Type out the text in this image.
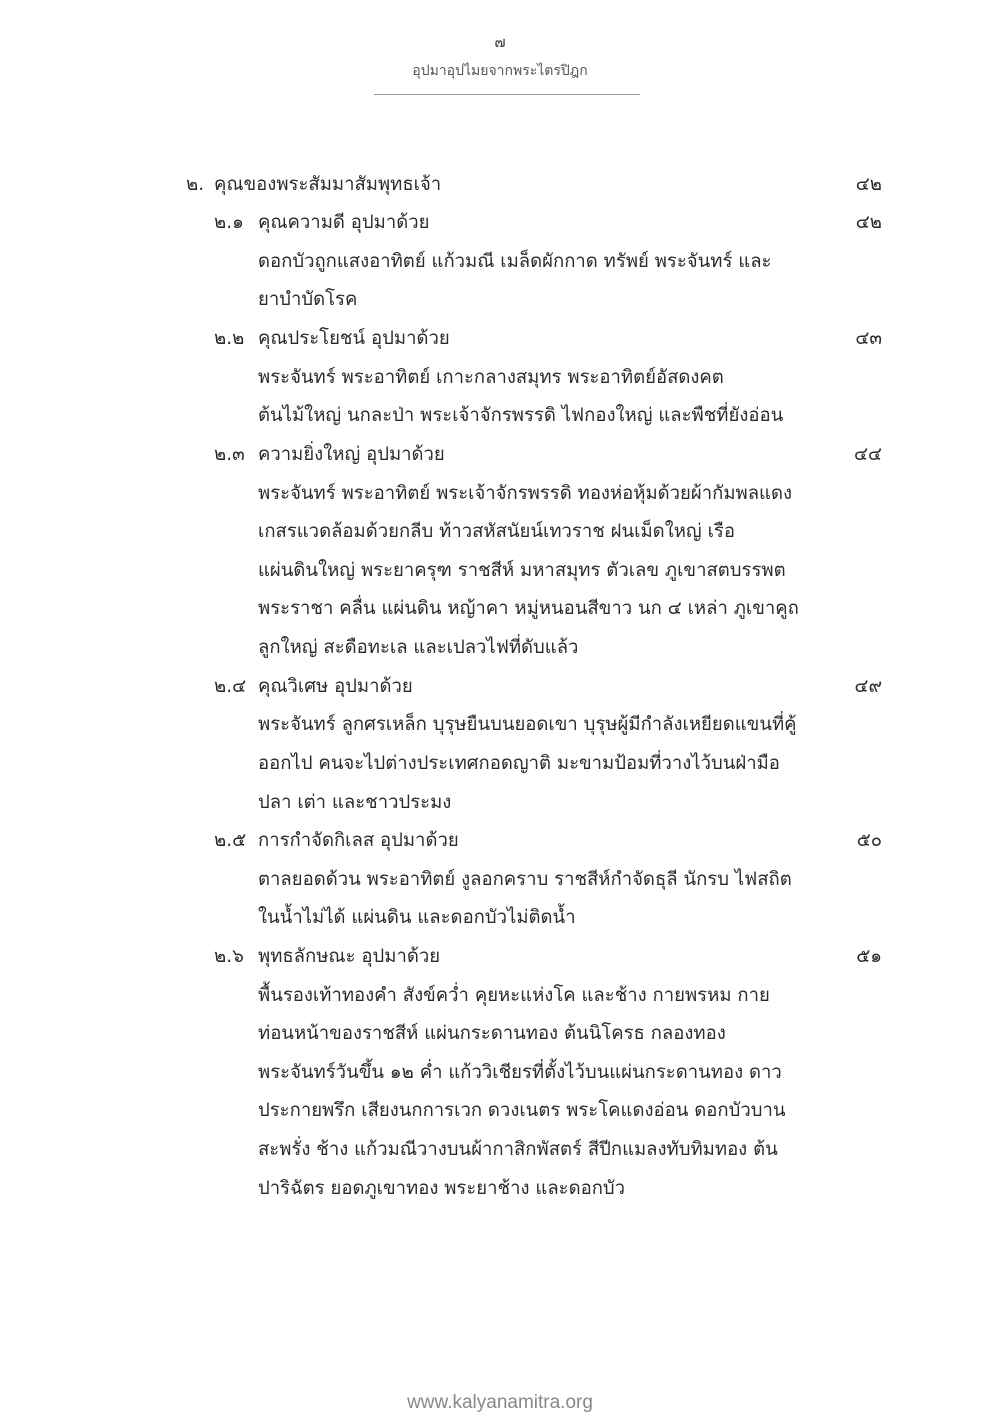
๗
อุปมาอุปไมยจากพระไตรปิฎก
๒. คุณของพระสัมมาสัมพุทธเจ้า	๔๒
๒.๑ คุณความดี อุปมาด้วย	๔๒
ดอกบัวถูกแสงอาทิตย์ แก้วมณี เมล็ดผักกาด ทรัพย์ พระจันทร์ และ
ยาบำบัดโรค
๒.๒ คุณประโยชน์ อุปมาด้วย	๔๓
พระจันทร์ พระอาทิตย์ เกาะกลางสมุทร พระอาทิตย์อัสดงคต
ต้นไม้ใหญ่ นกละป่า พระเจ้าจักรพรรดิ ไฟกองใหญ่ และพืชที่ยังอ่อน
๒.๓ ความยิ่งใหญ่ อุปมาด้วย	๔๔
พระจันทร์ พระอาทิตย์ พระเจ้าจักรพรรดิ ทองห่อหุ้มด้วยผ้ากัมพลแดง
เกสรแวดล้อมด้วยกลีบ ท้าวสหัสนัยน์เทวราช ฝนเม็ดใหญ่ เรือ
แผ่นดินใหญ่ พระยาครุฑ ราชสีห์ มหาสมุทร ตัวเลข ภูเขาสตบรรพต
พระราชา คลื่น แผ่นดิน หญ้าคา หมู่หนอนสีขาว นก ๔ เหล่า ภูเขาคูถ
ลูกใหญ่ สะดือทะเล และเปลวไฟที่ดับแล้ว
๒.๔ คุณวิเศษ อุปมาด้วย	๔๙
พระจันทร์ ลูกศรเหล็ก บุรุษยืนบนยอดเขา บุรุษผู้มีกำลังเหยียดแขนที่คู้
ออกไป คนจะไปต่างประเทศกอดญาติ มะขามป้อมที่วางไว้บนฝ่ามือ
ปลา เต่า และชาวประมง
๒.๕ การกำจัดกิเลส อุปมาด้วย	๕๐
ตาลยอดด้วน พระอาทิตย์ งูลอกคราบ ราชสีห์กำจัดธุลี นักรบ ไฟสถิต
ในน้ำไม่ได้ แผ่นดิน และดอกบัวไม่ติดน้ำ
๒.๖ พุทธลักษณะ อุปมาด้วย	๕๑
พื้นรองเท้าทองคำ สังข์คว่ำ คุยหะแห่งโค และช้าง กายพรหม กาย
ท่อนหน้าของราชสีห์ แผ่นกระดานทอง ต้นนิโครธ กลองทอง
พระจันทร์วันขึ้น ๑๒ ค่ำ แก้ววิเชียรที่ตั้งไว้บนแผ่นกระดานทอง ดาว
ประกายพรึก เสียงนกการเวก ดวงเนตร พระโคแดงอ่อน ดอกบัวบาน
สะพรั่ง ช้าง แก้วมณีวางบนผ้ากาสิกพัสตร์ สีปีกแมลงทับทิมทอง ต้น
ปาริฉัตร ยอดภูเขาทอง พระยาช้าง และดอกบัว
www.kalyanamitra.org
